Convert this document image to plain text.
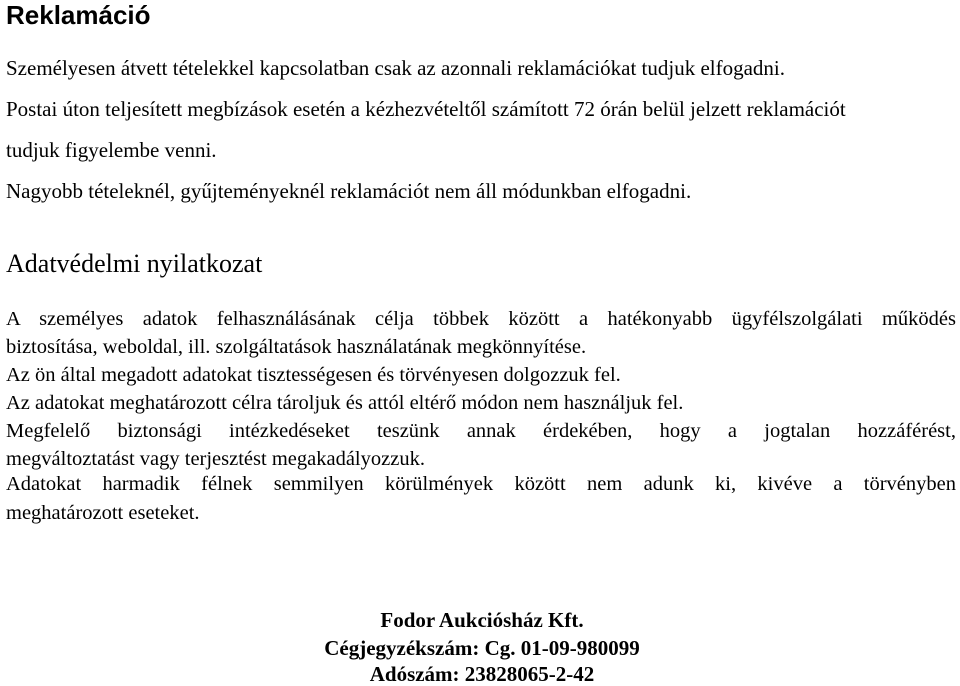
Reklamáció
Személyesen átvett tételekkel kapcsolatban csak az azonnali reklamációkat tudjuk elfogadni.
Postai úton teljesített megbízások esetén a kézhezvételtől számított 72 órán belül jelzett reklamációt
tudjuk figyelembe venni.
Nagyobb tételeknél, gyűjteményeknél reklamációt nem áll módunkban elfogadni.
Adatvédelmi nyilatkozat
A személyes adatok felhasználásának célja többek között a hatékonyabb ügyfélszolgálati működés
biztosítása, weboldal, ill. szolgáltatások használatának megkönnyítése.
Az ön által megadott adatokat tisztességesen és törvényesen dolgozzuk fel.
Az adatokat meghatározott célra tároljuk és attól eltérő módon nem használjuk fel.
Megfelelő biztonsági intézkedéseket teszünk annak érdekében, hogy a jogtalan hozzáférést,
megváltoztatást vagy terjesztést megakadályozzuk.
Adatokat harmadik félnek semmilyen körülmények között nem adunk ki, kivéve a törvényben
meghatározott eseteket.
Fodor Aukciósház Kft.
Cégjegyzékszám: Cg. 01-09-980099
Adószám: 23828065-2-42
